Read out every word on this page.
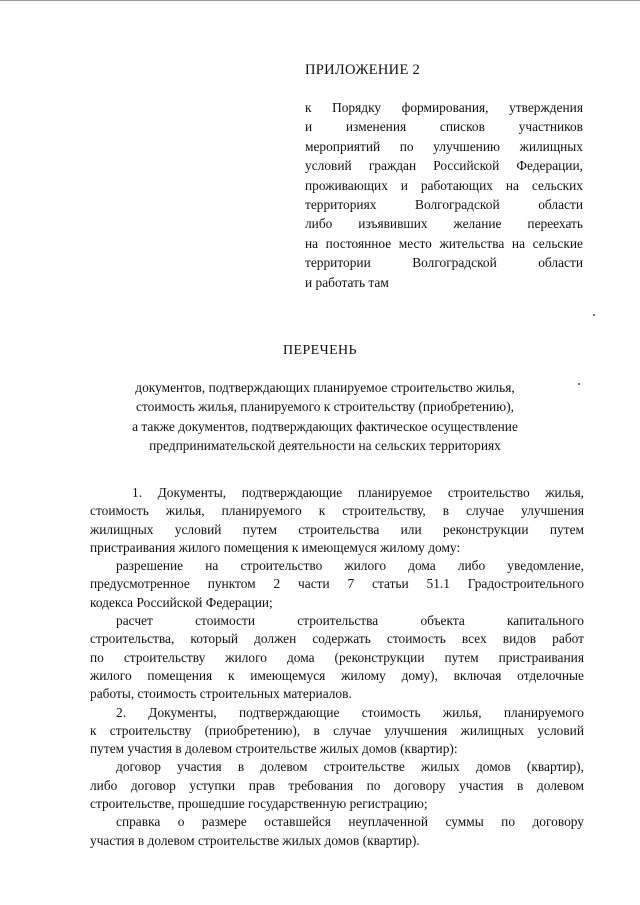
ПРИЛОЖЕНИЕ 2
к Порядку формирования, утверждения
и изменения списков участников
мероприятий по улучшению жилищных
условий граждан Российской Федерации,
проживающих и работающих на сельских
территориях Волгоградской области
либо изъявивших желание переехать
на постоянное место жительства на сельские
территории Волгоградской области
и работать там
ПЕРЕЧЕНЬ
документов, подтверждающих планируемое строительство жилья,
стоимость жилья, планируемого к строительству (приобретению),
а также документов, подтверждающих фактическое осуществление
предпринимательской деятельности на сельских территориях
1. Документы, подтверждающие планируемое строительство жилья,
стоимость жилья, планируемого к строительству, в случае улучшения
жилищных условий путем строительства или реконструкции путем
пристраивания жилого помещения к имеющемуся жилому дому:
разрешение на строительство жилого дома либо уведомление,
предусмотренное пунктом 2 части 7 статьи 51.1 Градостроительного
кодекса Российской Федерации;
расчет стоимости строительства объекта капитального
строительства, который должен содержать стоимость всех видов работ
по строительству жилого дома (реконструкции путем пристраивания
жилого помещения к имеющемуся жилому дому), включая отделочные
работы, стоимость строительных материалов.
2. Документы, подтверждающие стоимость жилья, планируемого
к строительству (приобретению), в случае улучшения жилищных условий
путем участия в долевом строительстве жилых домов (квартир):
договор участия в долевом строительстве жилых домов (квартир),
либо договор уступки прав требования по договору участия в долевом
строительстве, прошедшие государственную регистрацию;
справка о размере оставшейся неуплаченной суммы по договору
участия в долевом строительстве жилых домов (квартир).
